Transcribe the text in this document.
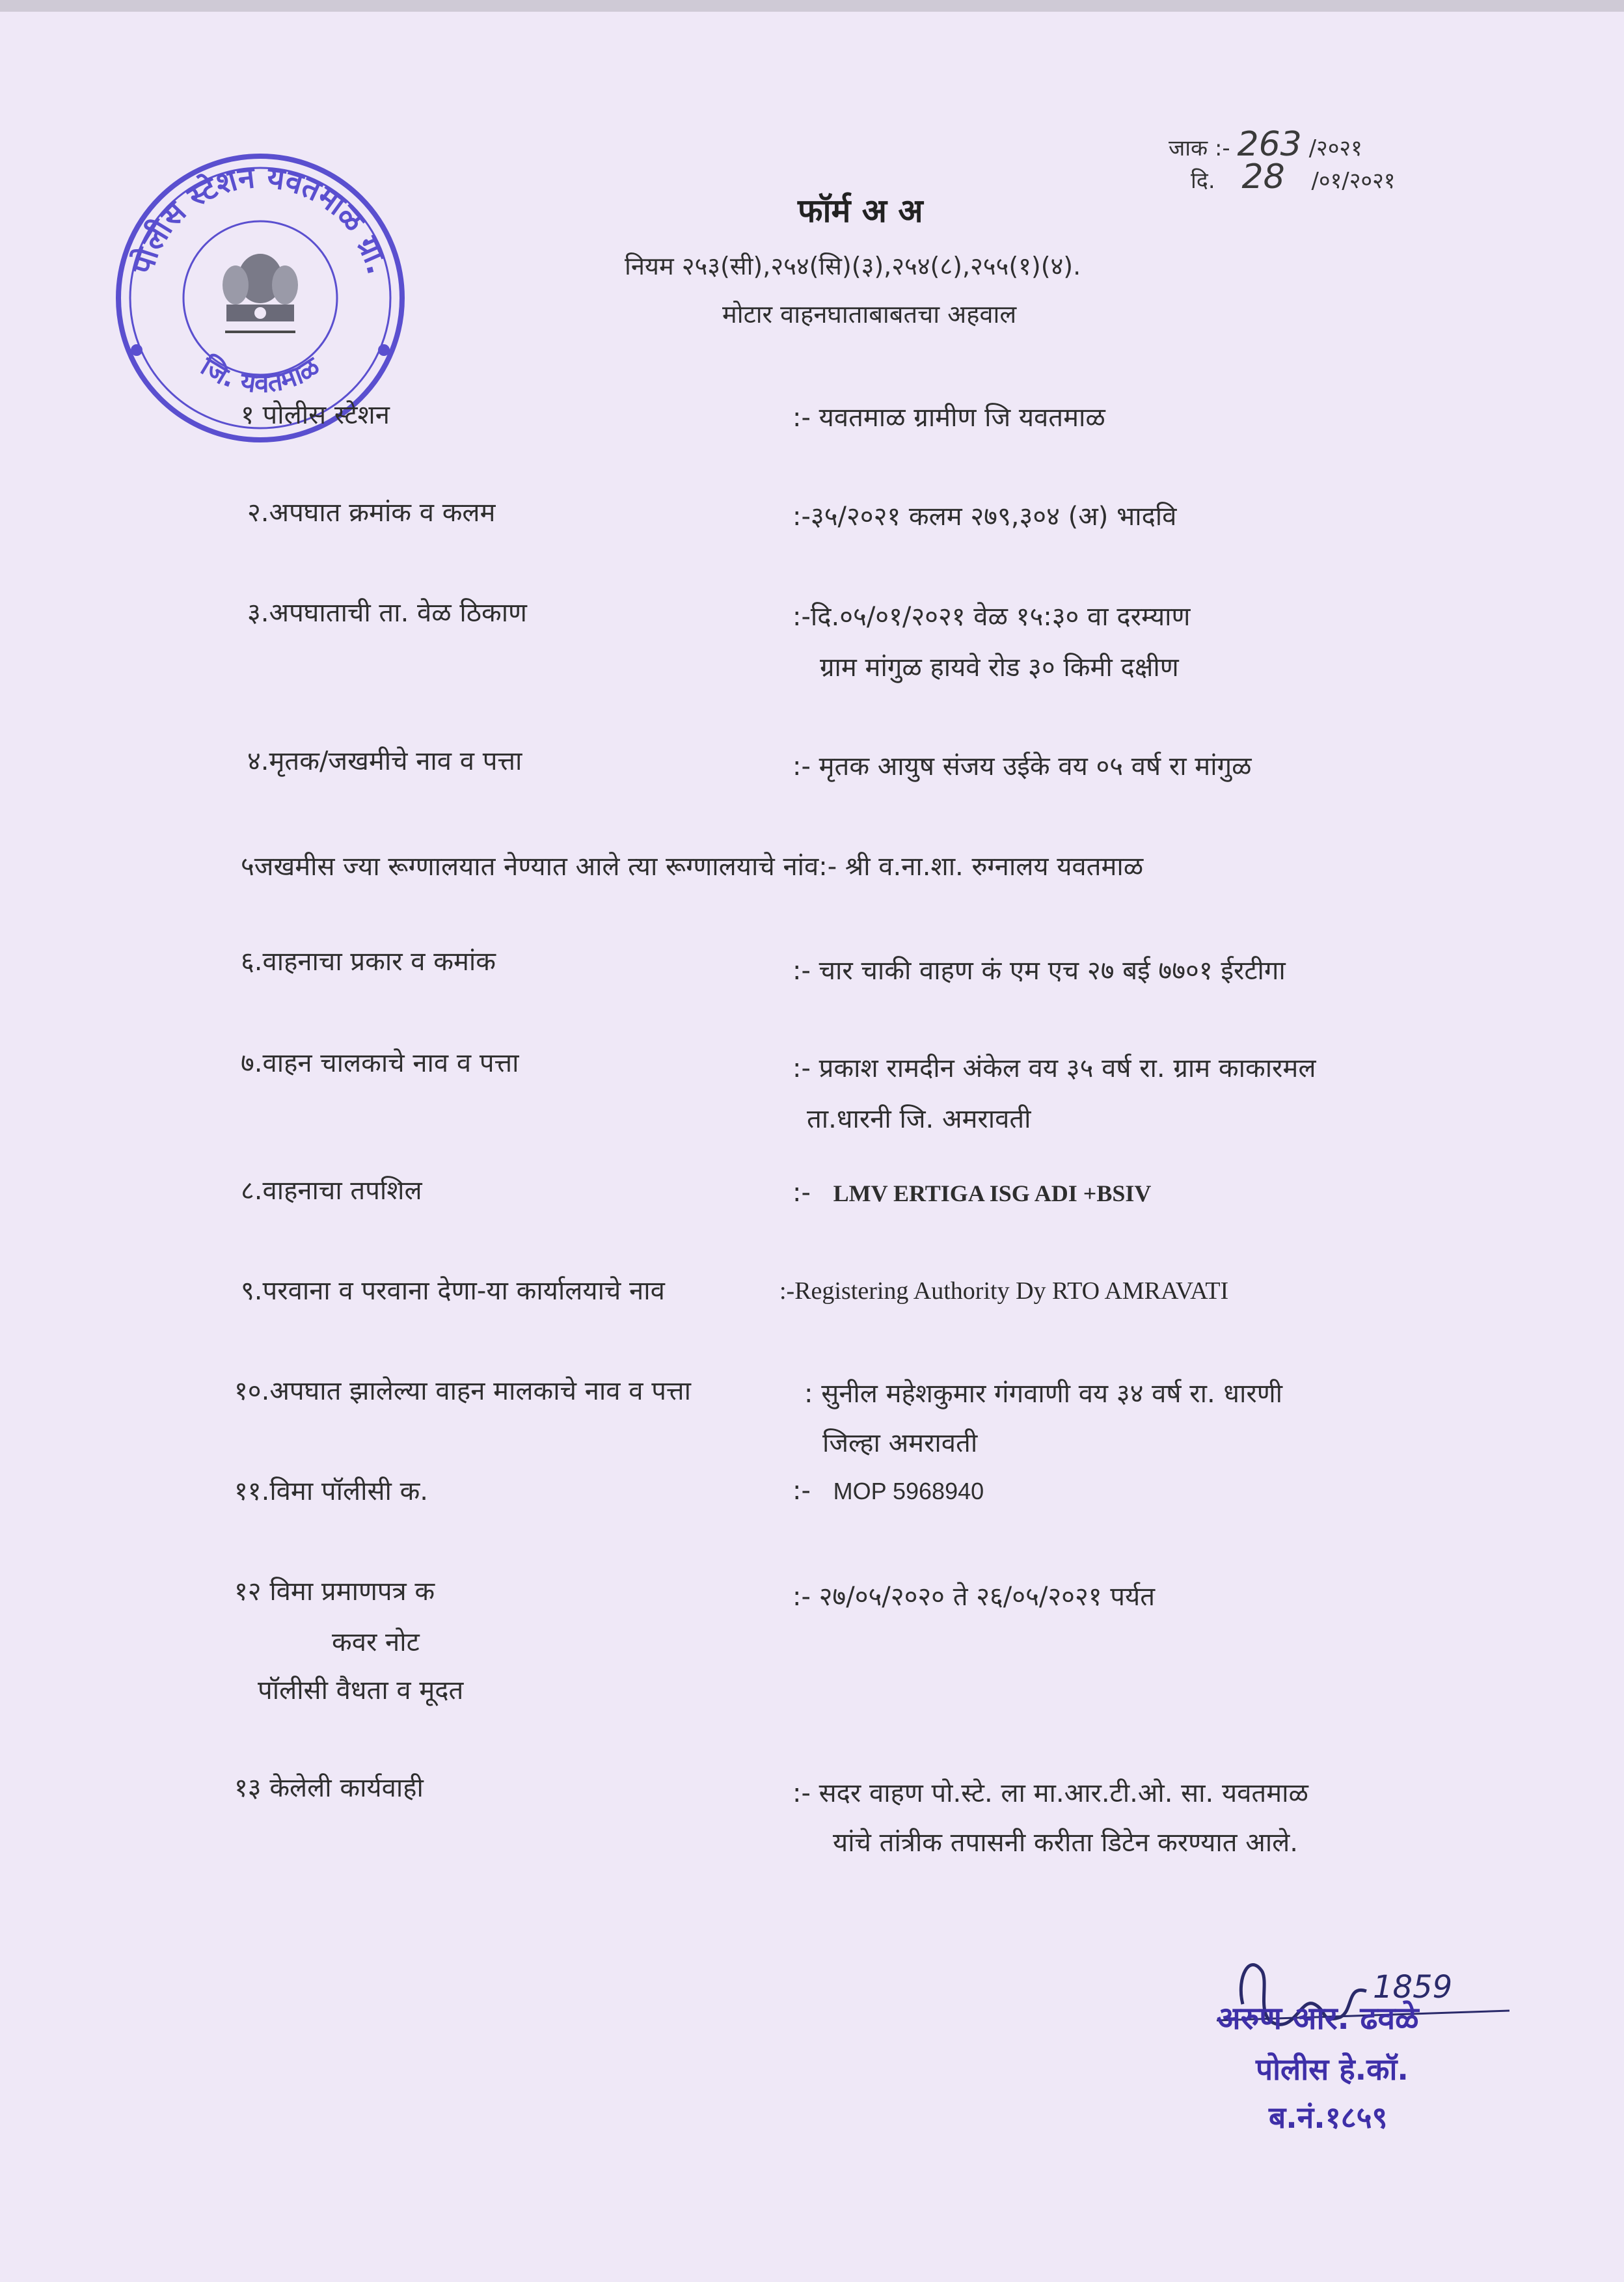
जाक :- 263 /२०२१
दि. 28 /०१/२०२१
पोलीस स्टेशन यवतमाळ ग्रा.
जि. यवतमाळ
फॉर्म अ अ
नियम २५३(सी),२५४(सि)(३),२५४(८),२५५(१)(४).
मोटार वाहनघाताबाबतचा अहवाल
१ पोलीस स्टेशन	:- यवतमाळ ग्रामीण जि यवतमाळ
२.अपघात क्रमांक व कलम	:-३५/२०२१ कलम २७९,३०४ (अ) भादवि
३.अपघाताची ता. वेळ ठिकाण	:-दि.०५/०१/२०२१ वेळ १५:३० वा दरम्याण
ग्राम मांगुळ हायवे रोड ३० किमी दक्षीण
४.मृतक/जखमीचे नाव व पत्ता	:- मृतक आयुष संजय उईके वय ०५ वर्ष रा मांगुळ
५जखमीस ज्या रूग्णालयात नेण्यात आले त्या रूग्णालयाचे नांव:- श्री व.ना.शा. रुग्नालय यवतमाळ
६.वाहनाचा प्रकार व कमांक	:- चार चाकी वाहण कं एम एच २७ बई ७७०१ ईरटीगा
७.वाहन चालकाचे नाव व पत्ता	:- प्रकाश रामदीन अंकेल वय ३५ वर्ष रा. ग्राम काकारमल
ता.धारनी जि. अमरावती
८.वाहनाचा तपशिल	:- LMV ERTIGA ISG ADI +BSIV
९.परवाना व परवाना देणा-या कार्यालयाचे नाव	:-Registering Authority Dy RTO AMRAVATI
१०.अपघात झालेल्या वाहन मालकाचे नाव व पत्ता	: सुनील महेशकुमार गंगवाणी वय ३४ वर्ष रा. धारणी
जिल्हा अमरावती
११.विमा पॉलीसी क.	:- MOP 5968940
१२ विमा प्रमाणपत्र क
कवर नोट
पॉलीसी वैधता व मूदत
:- २७/०५/२०२० ते २६/०५/२०२१ पर्यत
१३ केलेली कार्यवाही	:- सदर वाहण पो.स्टे. ला मा.आर.टी.ओ. सा. यवतमाळ
यांचे तांत्रीक तपासनी करीता डिटेन करण्यात आले.
1859
अरुण आर. ढवळे
पोलीस हे.कॉ.
ब.नं.१८५९
